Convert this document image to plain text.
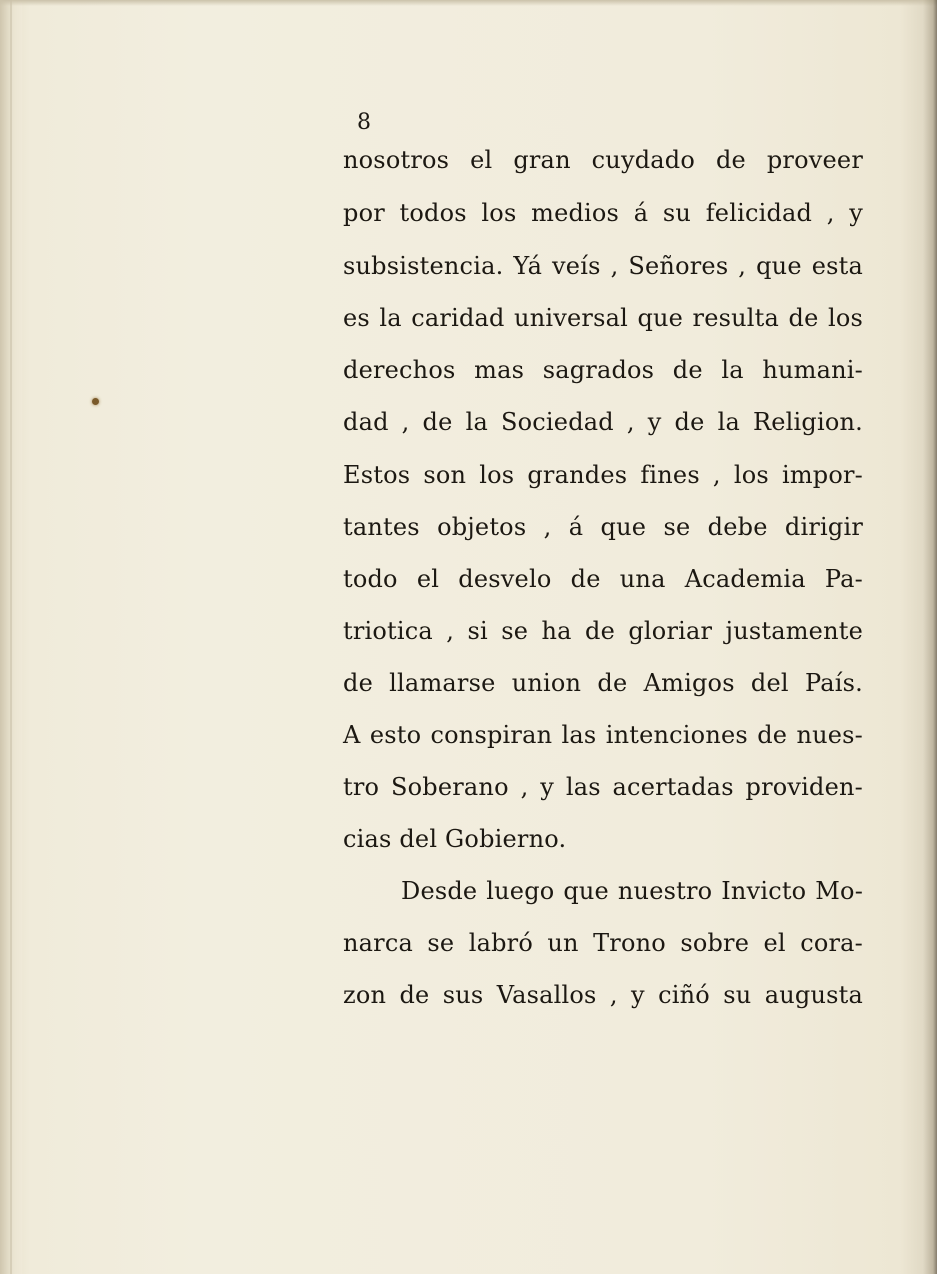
8
nosotros el gran cuydado de proveer
por todos los medios á su felicidad , y
subsistencia. Yá veís , Señores , que esta
es la caridad universal que resulta de los
derechos mas sagrados de la humani-
dad , de la Sociedad , y de la Religion.
Estos son los grandes fines , los impor-
tantes objetos , á que se debe dirigir
todo el desvelo de una Academia Pa-
triotica , si se ha de gloriar justamente
de llamarse union de Amigos del País.
A esto conspiran las intenciones de nues-
tro Soberano , y las acertadas providen-
cias del Gobierno.
Desde luego que nuestro Invicto Mo-
narca se labró un Trono sobre el cora-
zon de sus Vasallos , y ciñó su augusta
